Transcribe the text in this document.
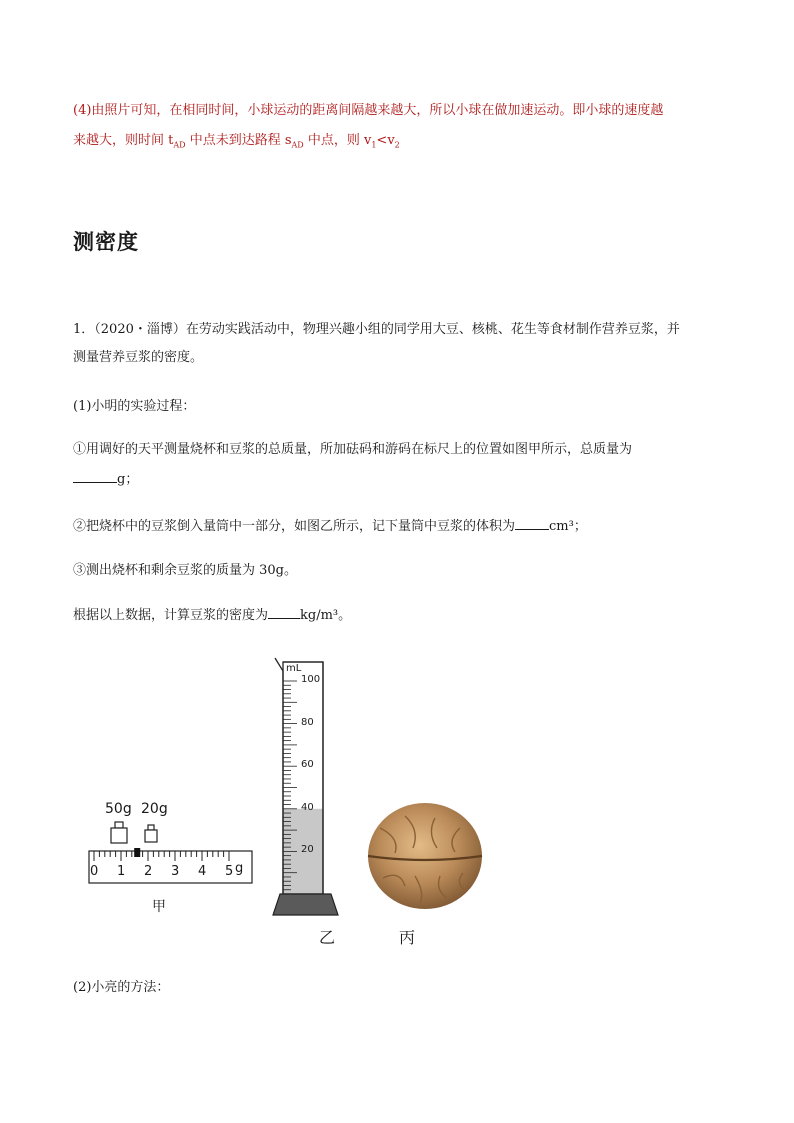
(4)由照片可知，在相同时间，小球运动的距离间隔越来越大，所以小球在做加速运动。即小球的速度越
来越大，则时间 $t_{AD}$ 中点未到达路程 $s_{AD}$ 中点，则 $v_1<v_2$
测密度
1．（2020・淄博）在劳动实践活动中，物理兴趣小组的同学用大豆、核桃、花生等食材制作营养豆浆，并
测量营养豆浆的密度。
(1)小明的实验过程：
①用调好的天平测量烧杯和豆浆的总质量，所加砝码和游码在标尺上的位置如图甲所示，总质量为
g；
②把烧杯中的豆浆倒入量筒中一部分，如图乙所示，记下量筒中豆浆的体积为	cm³；
③测出烧杯和剩余豆浆的质量为 30g。
根据以上数据，计算豆浆的密度为 kg/m³。
50g 20g
0 1 2 3 4 5 g
甲
mL
100
80
60
40
20
乙	丙
(2)小亮的方法：
